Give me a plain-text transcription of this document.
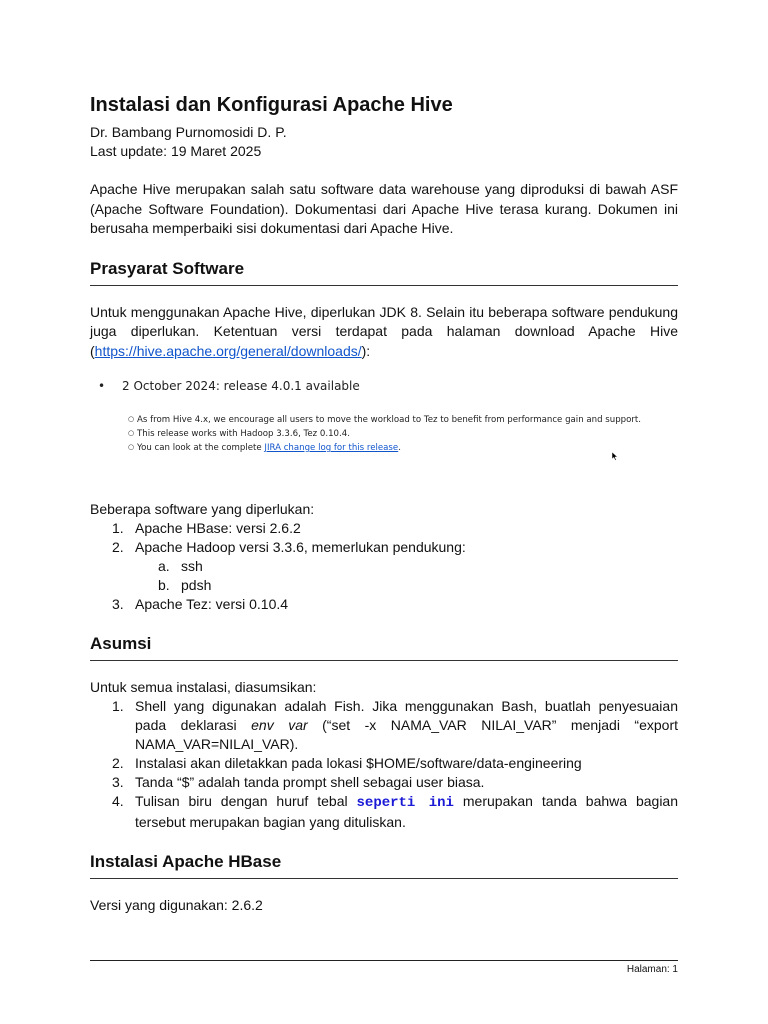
Instalasi dan Konfigurasi Apache Hive
Dr. Bambang Purnomosidi D. P.
Last update: 19 Maret 2025

Apache Hive merupakan salah satu software data warehouse yang diproduksi di bawah ASF (Apache Software Foundation). Dokumentasi dari Apache Hive terasa kurang. Dokumen ini berusaha memperbaiki sisi dokumentasi dari Apache Hive.

Prasyarat Software

Untuk menggunakan Apache Hive, diperlukan JDK 8. Selain itu beberapa software pendukung juga diperlukan. Ketentuan versi terdapat pada halaman download Apache Hive (https://hive.apache.org/general/downloads/):

Beberapa software yang diperlukan:
1. Apache HBase: versi 2.6.2
2. Apache Hadoop versi 3.3.6, memerlukan pendukung:
a. ssh
b. pdsh
3. Apache Tez: versi 0.10.4
Asumsi
Untuk semua instalasi, diasumsikan:
1. Shell yang digunakan adalah Fish. Jika menggunakan Bash, buatlah penyesuaian pada deklarasi env var (“set -x NAMA_VAR NILAI_VAR” menjadi “export NAMA_VAR=NILAI_VAR).
2. Instalasi akan diletakkan pada lokasi $HOME/software/data-engineering
3. Tanda “$” adalah tanda prompt shell sebagai user biasa.
4. Tulisan biru dengan huruf tebal seperti ini merupakan tanda bahwa bagian tersebut merupakan bagian yang dituliskan.
Instalasi Apache HBase
Versi yang digunakan: 2.6.2
• 2 October 2024: release 4.0.1 available
○ As from Hive 4.x, we encourage all users to move the workload to Tez to benefit from performance gain and support.
○ This release works with Hadoop 3.3.6, Tez 0.10.4.
○ You can look at the complete JIRA change log for this release.
Halaman: 1
